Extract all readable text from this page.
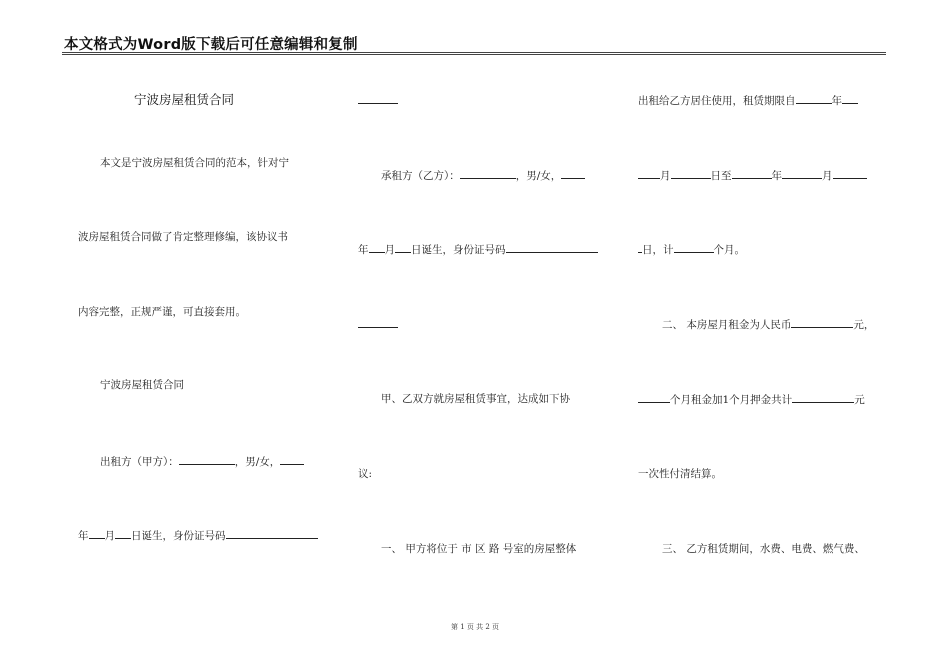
本文格式为Word版下载后可任意编辑和复制
宁波房屋租赁合同
本文是宁波房屋租赁合同的范本，针对宁
波房屋租赁合同做了肯定整理修编，该协议书
内容完整，正规严谨，可直接套用。
宁波房屋租赁合同
出租方（甲方）：	，男/女，
年 月 日诞生，身份证号码
承租方（乙方）：	，男/女，
年 月 日诞生，身份证号码
甲、乙双方就房屋租赁事宜，达成如下协
议:
一、 甲方将位于 市 区 路 号室的房屋整体
出租给乙方居住使用，租赁期限自	年
月	日至	年	月
日，计	个月。
二、 本房屋月租金为人民币	元，
个月租金加1个月押金共计	元
一次性付清结算。
三、 乙方租赁期间，水费、电费、燃气费、
第 1 页 共 2 页
